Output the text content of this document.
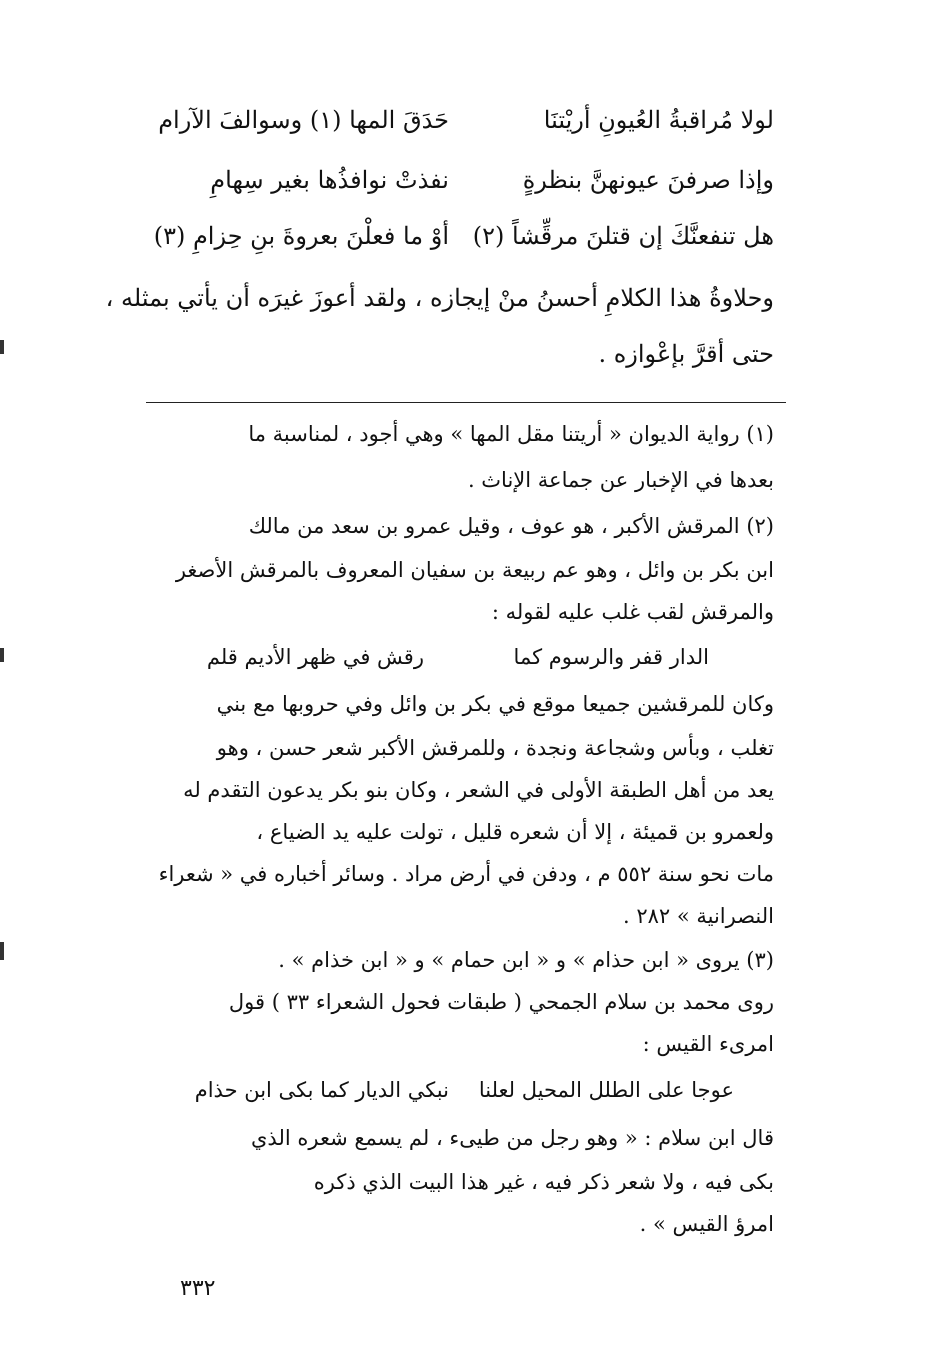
لولا مُراقبةُ العُيونِ أريْتنَا
حَدَقَ المها (١) وسوالفَ الآرام
وإذا صرفنَ عيونهنَّ بنظرةٍ
نفذتْ نوافذُها بغير سِهامِ
هل تنفعنَّكَ إن قتلنَ مرقِّشاً (٢)
أوْ ما فعلْنَ بعروةَ بنِ حِزامِ (٣)
وحلاوةُ هذا الكلامِ أحسنُ منْ إيجازه ، ولقد أعوزَ غيرَه أن يأتي بمثله ،
حتى أقرَّ بإعْوازه .
(١) رواية الديوان « أريتنا مقل المها » وهي أجود ، لمناسبة ما
بعدها في الإخبار عن جماعة الإناث .
(٢) المرقش الأكبر ، هو عوف ، وقيل عمرو بن سعد من مالك
ابن بكر بن وائل ، وهو عم ربيعة بن سفيان المعروف بالمرقش الأصغر
والمرقش لقب غلب عليه لقوله :
الدار قفر والرسوم كما
رقش في ظهر الأديم قلم
وكان للمرقشين جميعا موقع في بكر بن وائل وفي حروبها مع بني
تغلب ، وبأس وشجاعة ونجدة ، وللمرقش الأكبر شعر حسن ، وهو
يعد من أهل الطبقة الأولى في الشعر ، وكان بنو بكر يدعون التقدم له
ولعمرو بن قميئة ، إلا أن شعره قليل ، تولت عليه يد الضياع ،
مات نحو سنة ٥٥٢ م ، ودفن في أرض مراد . وسائر أخباره في « شعراء
النصرانية » ٢٨٢ .
(٣) يروى « ابن حذام » و « ابن حمام » و « ابن خذام » .
روى محمد بن سلام الجمحي ( طبقات فحول الشعراء ٣٣ ) قول
امرىء القيس :
عوجا على الطلل المحيل لعلنا
نبكي الديار كما بكى ابن حذام
قال ابن سلام : « وهو رجل من طيىء ، لم يسمع شعره الذي
بكى فيه ، ولا شعر ذكر فيه ، غير هذا البيت الذي ذكره
امرؤ القيس » .
٣٣٢
